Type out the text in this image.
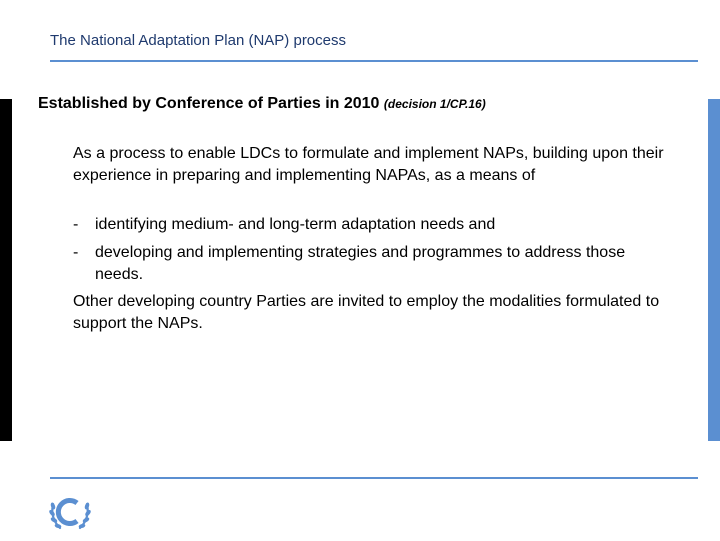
The National Adaptation Plan (NAP) process
Established by Conference of Parties in 2010 (decision 1/CP.16)
As a process to enable LDCs to formulate and implement NAPs, building upon their experience in preparing and implementing NAPAs, as a means of
- identifying medium- and long-term adaptation needs and
- developing and implementing strategies and programmes to address those needs.
Other developing country Parties are invited to employ the modalities formulated to support the NAPs.
